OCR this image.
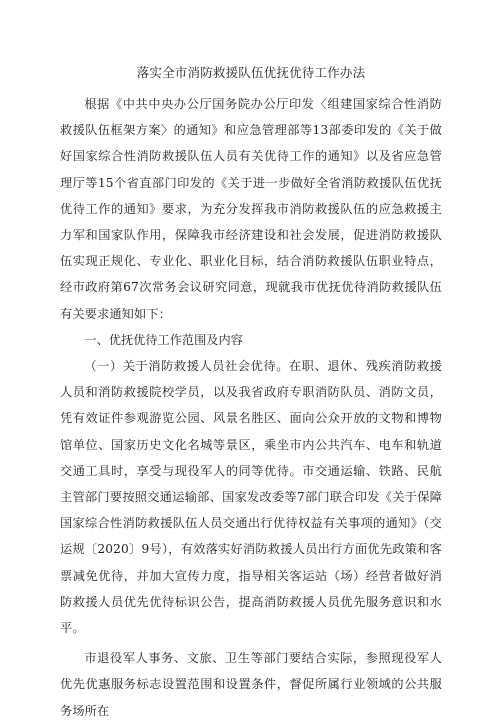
落实全市消防救援队伍优抚优待工作办法

根据《中共中央办公厅国务院办公厅印发〈组建国家综合性消防救援队伍框架方案〉的通知》和应急管理部等13部委印发的《关于做好国家综合性消防救援队伍人员有关优待工作的通知》以及省应急管理厅等15个省直部门印发的《关于进一步做好全省消防救援队伍优抚优待工作的通知》要求，为充分发挥我市消防救援队伍的应急救援主力军和国家队作用，保障我市经济建设和社会发展，促进消防救援队伍实现正规化、专业化、职业化目标，结合消防救援队伍职业特点，经市政府第67次常务会议研究同意，现就我市优抚优待消防救援队伍有关要求通知如下：

一、优抚优待工作范围及内容

（一）关于消防救援人员社会优待。在职、退休、残疾消防救援人员和消防救援院校学员，以及我省政府专职消防队员、消防文员，凭有效证件参观游览公园、风景名胜区、面向公众开放的文物和博物馆单位、国家历史文化名城等景区，乘坐市内公共汽车、电车和轨道交通工具时，享受与现役军人的同等优待。市交通运输、铁路、民航主管部门要按照交通运输部、国家发改委等7部门联合印发《关于保障国家综合性消防救援队伍人员交通出行优待权益有关事项的通知》（交运规〔2020〕9号），有效落实好消防救援人员出行方面优先政策和客票减免优待，并加大宣传力度，指导相关客运站（场）经营者做好消防救援人员优先优待标识公告，提高消防救援人员优先服务意识和水平。

市退役军人事务、文旅、卫生等部门要结合实际，参照现役军人优先优惠服务标志设置范围和设置条件，督促所属行业领域的公共服务场所在
